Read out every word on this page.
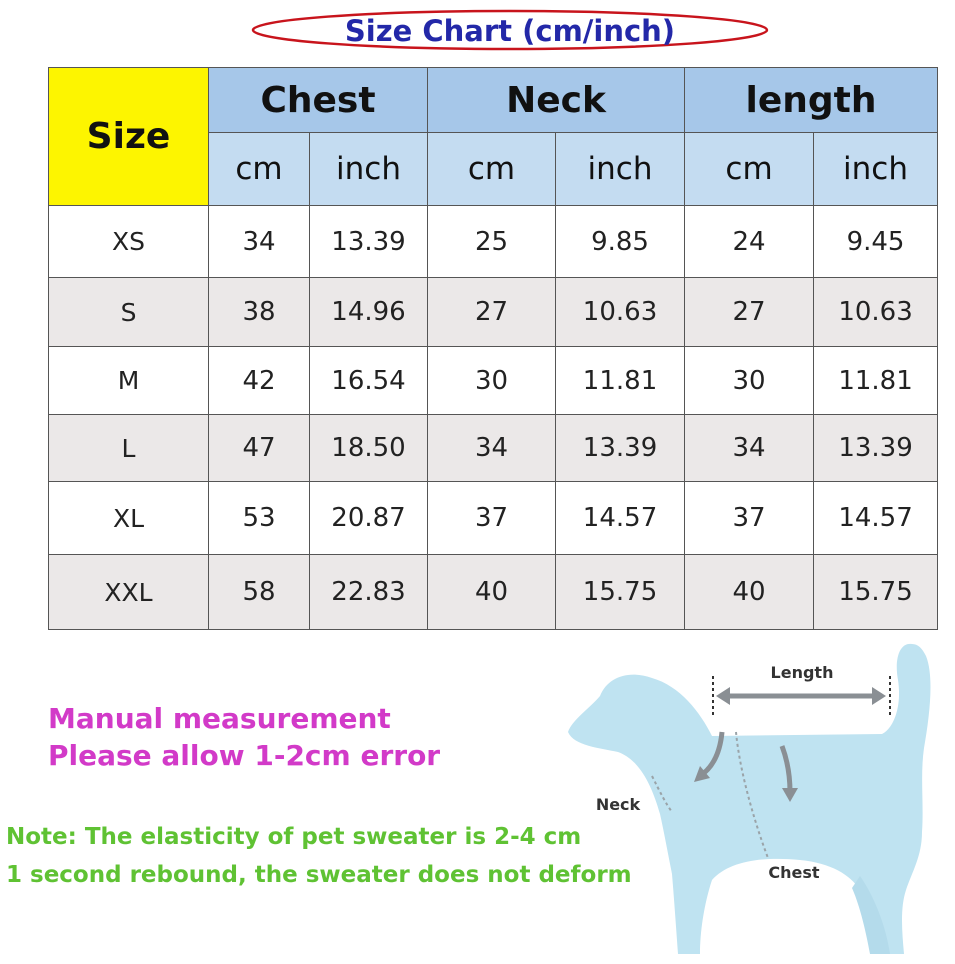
Size Chart (cm/inch)
Size	Chest		Neck		length	
	cm	inch	cm	inch	cm	inch
XS	34	13.39	25	9.85	24	9.45
S	38	14.96	27	10.63	27	10.63
M	42	16.54	30	11.81	30	11.81
L	47	18.50	34	13.39	34	13.39
XL	53	20.87	37	14.57	37	14.57
XXL	58	22.83	40	15.75	40	15.75
Manual measurement
Please allow 1-2cm error
Note: The elasticity of pet sweater is 2-4 cm
1 second rebound, the sweater does not deform
Length
Neck
Chest
